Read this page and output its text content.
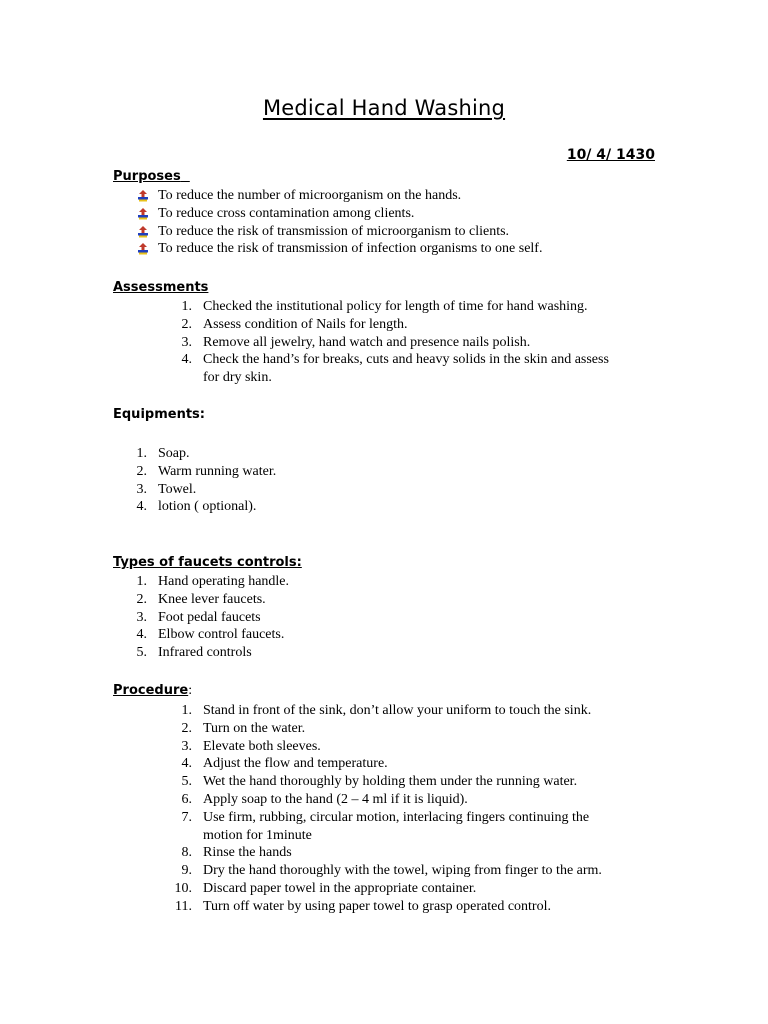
Medical Hand Washing
10/ 4/ 1430
Purposes
To reduce the number of microorganism on the hands.
To reduce cross contamination among clients.
To reduce the risk of transmission of microorganism to clients.
To reduce the risk of transmission of infection organisms to one self.
Assessments
1. Checked the institutional policy for length of time for hand washing.
2. Assess condition of Nails for length.
3. Remove all jewelry, hand watch and presence nails polish.
4. Check the hand’s for breaks, cuts and heavy solids in the skin and assess
for dry skin.
Equipments:
1. Soap.
2. Warm running water.
3. Towel.
4. lotion ( optional).
Types of faucets controls:
1. Hand operating handle.
2. Knee lever faucets.
3. Foot pedal faucets
4. Elbow control faucets.
5. Infrared controls
Procedure:
1. Stand in front of the sink, don’t allow your uniform to touch the sink.
2. Turn on the water.
3. Elevate both sleeves.
4. Adjust the flow and temperature.
5. Wet the hand thoroughly by holding them under the running water.
6. Apply soap to the hand (2 – 4 ml if it is liquid).
7. Use firm, rubbing, circular motion, interlacing fingers continuing the
motion for 1minute
8. Rinse the hands
9. Dry the hand thoroughly with the towel, wiping from finger to the arm.
10. Discard paper towel in the appropriate container.
11. Turn off water by using paper towel to grasp operated control.
